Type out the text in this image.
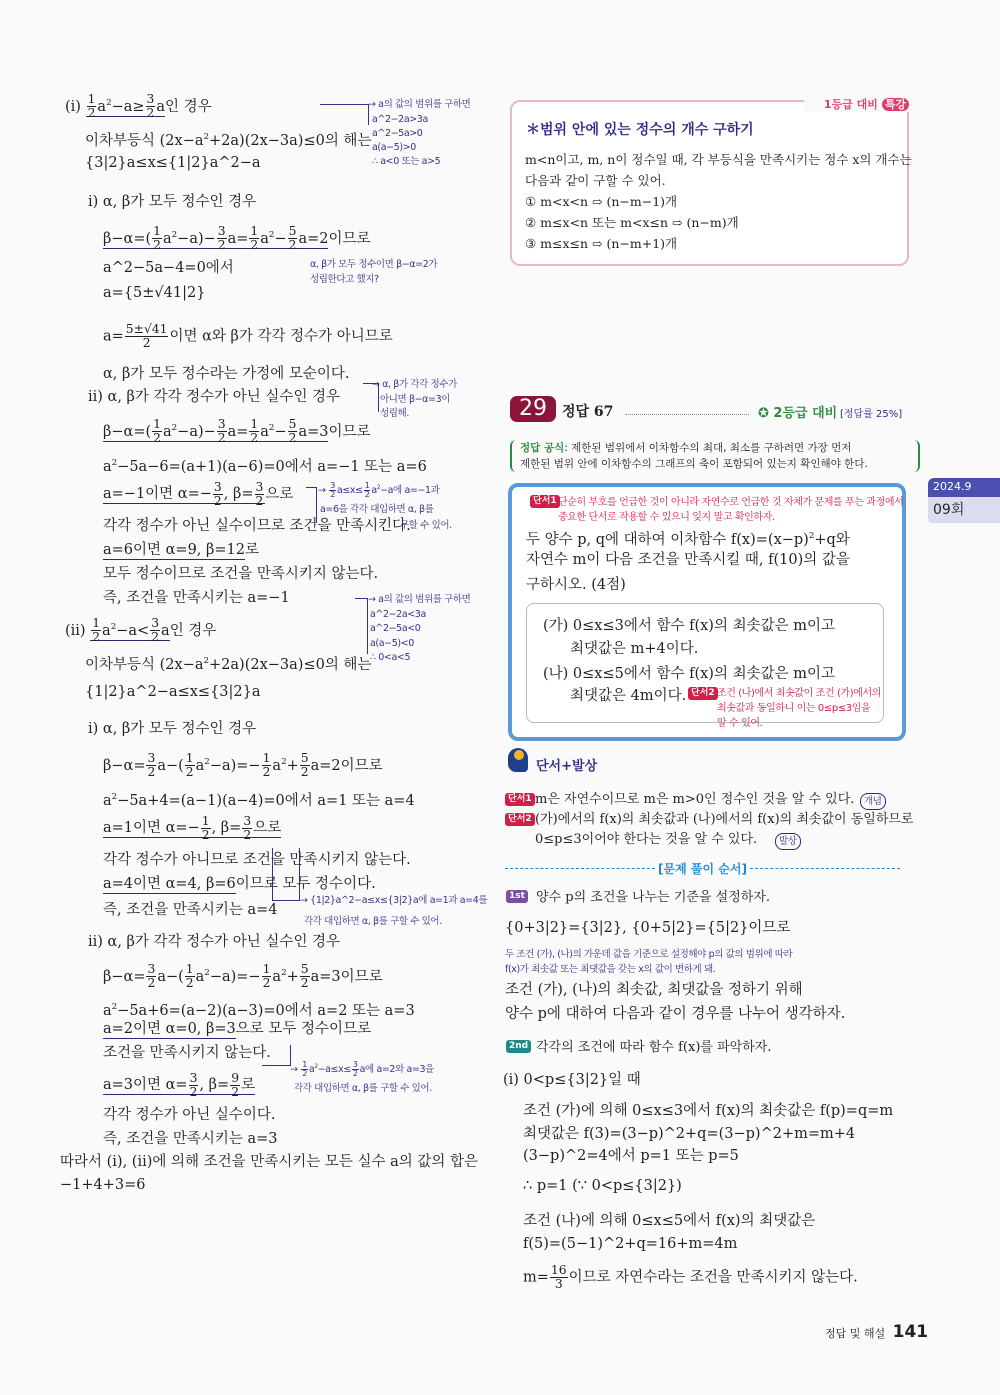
1등급 대비 특강
＊범위 안에 있는 정수의 개수 구하기
29	정답 67	✪ 2등급 대비 [정답률 25%]
정답 공식: 제한된 범위에서 이차함수의 최대, 최소를 구하려면 가장 먼저
제한된 범위 안에 이차함수의 그래프의 축이 포함되어 있는지 확인해야 한다.
단서+발상
[문제 풀이 순서]
2024.9
09회
정답 및 해설 141
$(i) \frac{1}{2} a^2-a\ge \frac{3}{2}$ a인 경우
이차부등식 $(2x-a^2+2a)(2x-3a)\le 0$의 해는
{3|2}a≤x≤{1|2}a^2−a
i) α, β가 모두 정수인 경우
$\beta-\alpha=( \frac{1}{2} a^2-a)- \frac{3}{2} a= \frac{1}{2} a^2- \frac{5}{2} a=2$이므로
a^2−5a−4=0에서
a={5±√41|2}
$a= \frac{5\pm√41}{2}$ 이면 α와 β가 각각 정수가 아니므로
α, β가 모두 정수라는 가정에 모순이다.
ii) α, β가 각각 정수가 아닌 실수인 경우
$\beta-\alpha=( \frac{1}{2} a^2-a)- \frac{3}{2} a= \frac{1}{2} a^2- \frac{5}{2} a=3$이므로
$a^2-5a-6=(a+1)(a-6)=0$에서 a=−1 또는 a=6
a=−1이면 $\alpha=- \frac{3}{2}$ , $\beta= \frac{3}{2}$ 으로
각각 정수가 아닌 실수이므로 조건을 만족시킨다.
a=6이면 α=9, β=12로
모두 정수이므로 조건을 만족시키지 않는다.
즉, 조건을 만족시키는 a=−1
$(ii) \frac{1}{2} a^2-a< \frac{3}{2}$ a인 경우
이차부등식 $(2x-a^2+2a)(2x-3a)\le 0$의 해는
{1|2}a^2−a≤x≤{3|2}a
i) α, β가 모두 정수인 경우
$\beta-\alpha= \frac{3}{2} a-( \frac{1}{2} a^2-a)=- \frac{1}{2} a^2+ \frac{5}{2} a=2$이므로
$a^2-5a+4=(a-1)(a-4)=0$에서 a=1 또는 a=4
a=1이면 $\alpha=- \frac{1}{2}$ , $\beta= \frac{3}{2}$ 으로
각각 정수가 아니므로 조건을 만족시키지 않는다.
a=4이면 α=4, β=6이므로 모두 정수이다.
즉, 조건을 만족시키는 a=4
ii) α, β가 각각 정수가 아닌 실수인 경우
$\beta-\alpha= \frac{3}{2} a-( \frac{1}{2} a^2-a)=- \frac{1}{2} a^2+ \frac{5}{2} a=3$이므로
$a^2-5a+6=(a-2)(a-3)=0$에서 a=2 또는 a=3
a=2이면 α=0, β=3으로 모두 정수이므로
조건을 만족시키지 않는다.
a=3이면 $\alpha= \frac{3}{2}$ , $\beta= \frac{9}{2}$ 로
각각 정수가 아닌 실수이다.
즉, 조건을 만족시키는 a=3
따라서 (i), (ii)에 의해 조건을 만족시키는 모든 실수 a의 값의 합은
−1+4+3=6
→ a의 값의 범위를 구하면
a^2−2a>3a
a^2−5a>0
a(a−5)>0
∴ a<0 또는 a>5
α, β가 모두 정수이면 β−α=2가
성립한다고 했지?
→ α, β가 각각 정수가
아니면 β−α=3이
성립해.
→ $\frac{3}{2} a\le x\le \frac{1}{2} a^2-a$에 a=−1과
a=6을 각각 대입하면 α, β를
구할 수 있어.
→ a의 값의 범위를 구하면
a^2−2a<3a
a^2−5a<0
a(a−5)<0
∴ 0<a<5
→ {1|2}a^2−a≤x≤{3|2}a에 a=1과 a=4를
각각 대입하면 α, β를 구할 수 있어.
→ $\frac{1}{2} a^2-a\le x\le \frac{3}{2}$ a에 a=2와 a=3을
각각 대입하면 α, β를 구할 수 있어.
m<n이고, m, n이 정수일 때, 각 부등식을 만족시키는 정수 x의 개수는
다음과 같이 구할 수 있어.
① m<x<n ⇨ (n−m−1)개
② m≤x<n 또는 m<x≤n ⇨ (n−m)개
③ m≤x≤n ⇨ (n−m+1)개
단서1 단순히 부호를 언급한 것이 아니라 자연수로 언급한 것 자체가 문제를 푸는 과정에서
중요한 단서로 작용할 수 있으니 잊지 말고 확인하자.
두 양수 p, q에 대하여 이차함수 $f(x)=(x-p)^2+q$와
자연수 m이 다음 조건을 만족시킬 때, f(10)의 값을
구하시오. (4점)
(가) 0≤x≤3에서 함수 f(x)의 최솟값은 m이고
최댓값은 m+4이다.
(나) 0≤x≤5에서 함수 f(x)의 최솟값은 m이고
최댓값은 4m이다. 단서2 조건 (나)에서 최솟값이 조건 (가)에서의
최솟값과 동일하니 이는 0≤p≤3임을
알 수 있어.
단서1 m은 자연수이므로 m은 m>0인 정수인 것을 알 수 있다.	개념
단서2 (가)에서의 f(x)의 최솟값과 (나)에서의 f(x)의 최솟값이 동일하므로
0≤p≤3이어야 한다는 것을 알 수 있다.	발상
1st 양수 p의 조건을 나누는 기준을 설정하자.
{0+3|2}={3|2}, {0+5|2}={5|2}이므로
두 조건 (가), (나)의 가운데 값을 기준으로 설정해야 p의 값의 범위에 따라
f(x)가 최솟값 또는 최댓값을 갖는 x의 값이 변하게 돼.
조건 (가), (나)의 최솟값, 최댓값을 정하기 위해
양수 p에 대하여 다음과 같이 경우를 나누어 생각하자.
2nd 각각의 조건에 따라 함수 f(x)를 파악하자.
(i) 0<p≤{3|2}일 때
조건 (가)에 의해 0≤x≤3에서 f(x)의 최솟값은 f(p)=q=m
최댓값은 f(3)=(3−p)^2+q=(3−p)^2+m=m+4
(3−p)^2=4에서 p=1 또는 p=5
∴ p=1 (∵ 0<p≤{3|2})
조건 (나)에 의해 0≤x≤5에서 f(x)의 최댓값은
f(5)=(5−1)^2+q=16+m=4m
$m= \frac{16}{3}$ 이므로 자연수라는 조건을 만족시키지 않는다.
